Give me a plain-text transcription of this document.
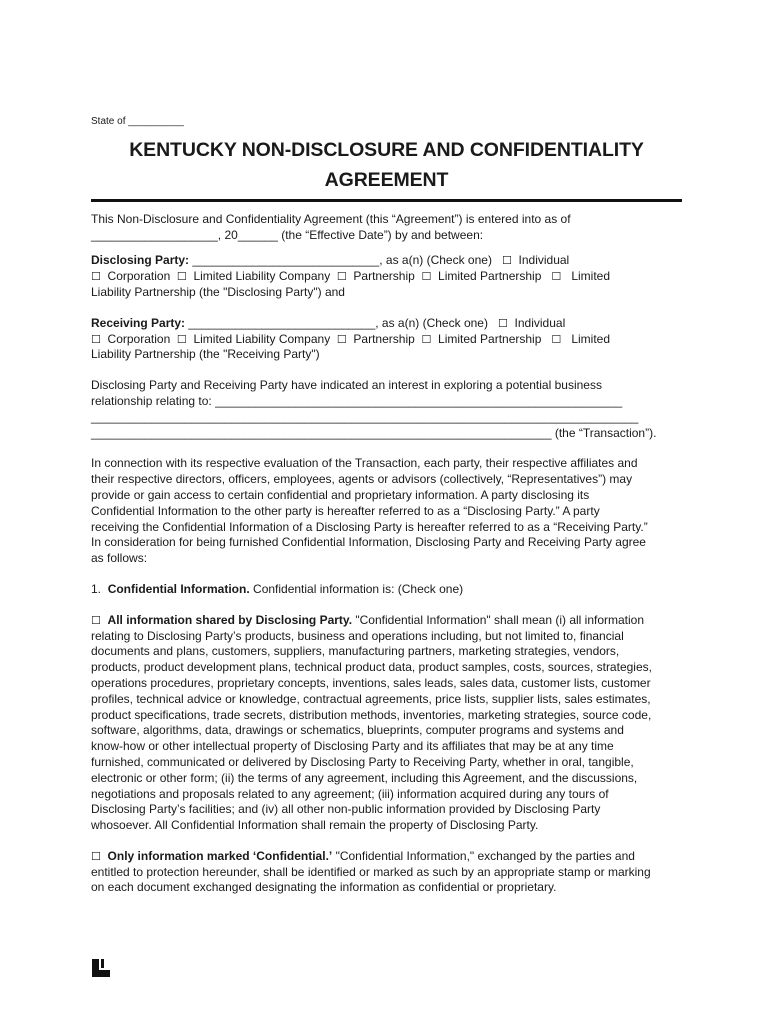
State of __________

KENTUCKY NON-DISCLOSURE AND CONFIDENTIALITY
AGREEMENT

This Non-Disclosure and Confidentiality Agreement (this “Agreement”) is entered into as of

___________________, 20______ (the “Effective Date”) by and between:

Disclosing Party: ____________________________, as a(n) (Check one) ☐ Individual

☐ Corporation ☐ Limited Liability Company ☐ Partnership ☐ Limited Partnership ☐ Limited

Liability Partnership (the "Disclosing Party") and

Receiving Party: ____________________________, as a(n) (Check one) ☐ Individual

☐ Corporation ☐ Limited Liability Company ☐ Partnership ☐ Limited Partnership ☐ Limited

Liability Partnership (the "Receiving Party")

Disclosing Party and Receiving Party have indicated an interest in exploring a potential business

relationship relating to: _____________________________________________________________

__________________________________________________________________________________

_____________________________________________________________________ (the “Transaction”).

In connection with its respective evaluation of the Transaction, each party, their respective affiliates and

their respective directors, officers, employees, agents or advisors (collectively, “Representatives”) may

provide or gain access to certain confidential and proprietary information. A party disclosing its

Confidential Information to the other party is hereafter referred to as a “Disclosing Party.” A party

receiving the Confidential Information of a Disclosing Party is hereafter referred to as a “Receiving Party.”

In consideration for being furnished Confidential Information, Disclosing Party and Receiving Party agree

as follows:

1. Confidential Information. Confidential information is: (Check one)

☐ All information shared by Disclosing Party. "Confidential Information" shall mean (i) all information

relating to Disclosing Party’s products, business and operations including, but not limited to, financial

documents and plans, customers, suppliers, manufacturing partners, marketing strategies, vendors,

products, product development plans, technical product data, product samples, costs, sources, strategies,

operations procedures, proprietary concepts, inventions, sales leads, sales data, customer lists, customer

profiles, technical advice or knowledge, contractual agreements, price lists, supplier lists, sales estimates,

product specifications, trade secrets, distribution methods, inventories, marketing strategies, source code,

software, algorithms, data, drawings or schematics, blueprints, computer programs and systems and

know-how or other intellectual property of Disclosing Party and its affiliates that may be at any time

furnished, communicated or delivered by Disclosing Party to Receiving Party, whether in oral, tangible,

electronic or other form; (ii) the terms of any agreement, including this Agreement, and the discussions,

negotiations and proposals related to any agreement; (iii) information acquired during any tours of

Disclosing Party’s facilities; and (iv) all other non-public information provided by Disclosing Party

whosoever. All Confidential Information shall remain the property of Disclosing Party.

☐ Only information marked ‘Confidential.’ "Confidential Information," exchanged by the parties and

entitled to protection hereunder, shall be identified or marked as such by an appropriate stamp or marking

on each document exchanged designating the information as confidential or proprietary.
